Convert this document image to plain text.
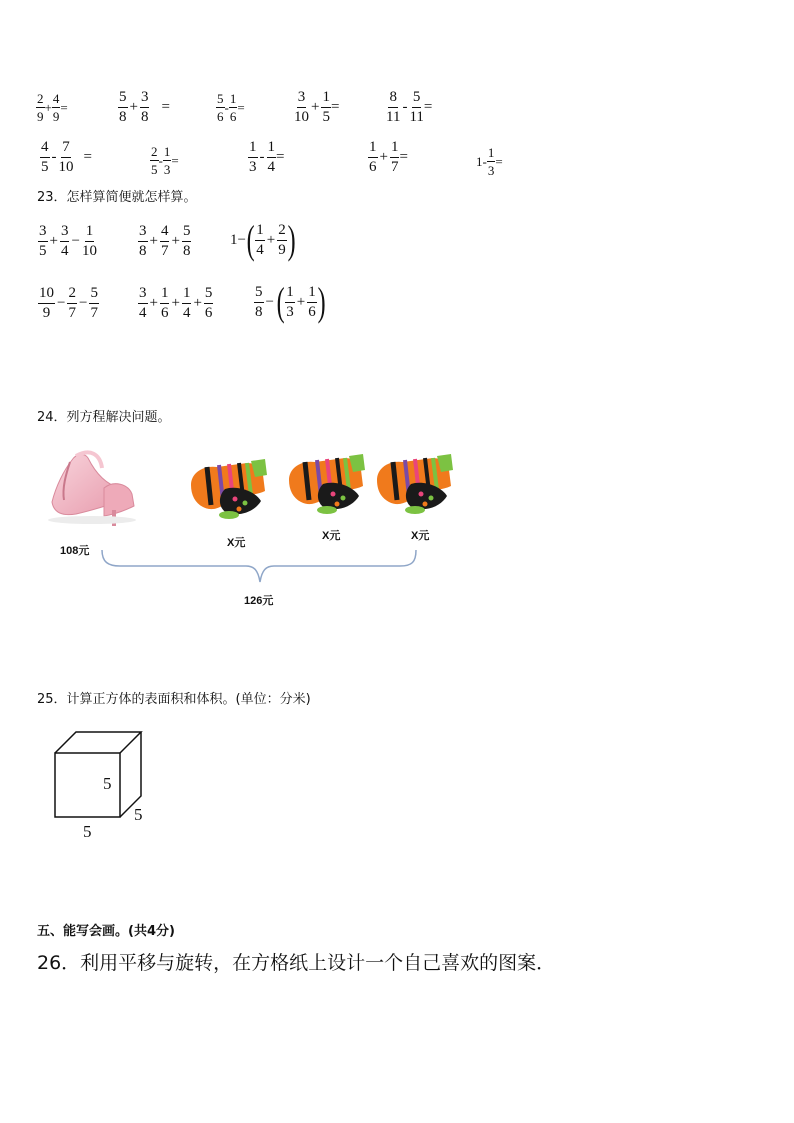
$\frac{2}{9} + \frac{4}{9}$ =	$\frac{5}{8} + \frac{3}{8}$ =	$\frac{5}{6} - \frac{1}{6}$ =	$\frac{3}{10} + \frac{1}{5}$ =	$\frac{8}{11} - \frac{5}{11}$ =
$\frac{4}{5} - \frac{7}{10}$ =	$\frac{2}{5} - \frac{1}{3}$ =	$\frac{1}{3} - \frac{1}{4}$ =	$\frac{1}{6} + \frac{1}{7}$ =	$1- \frac{1}{3}$ =
23．怎样算简便就怎样算。
$\frac{3}{5} + \frac{3}{4} - \frac{1}{10}$	$\frac{3}{8} + \frac{4}{7} + \frac{5}{8}$	1− ( $\frac{1}{4} + \frac{2}{9}$ )
$\frac{10}{9} - \frac{2}{7} - \frac{5}{7}$	$\frac{3}{4} + \frac{1}{6} + \frac{1}{4} + \frac{5}{6}$	$\frac{5}{8}$ − ( $\frac{1}{3} + \frac{1}{6}$ )
24．列方程解决问题。
108元
X元
X元	X元
126元
25．计算正方体的表面积和体积。(单位：分米)
5
5
5
五、能写会画。(共4分)
26．利用平移与旋转，在方格纸上设计一个自己喜欢的图案．
